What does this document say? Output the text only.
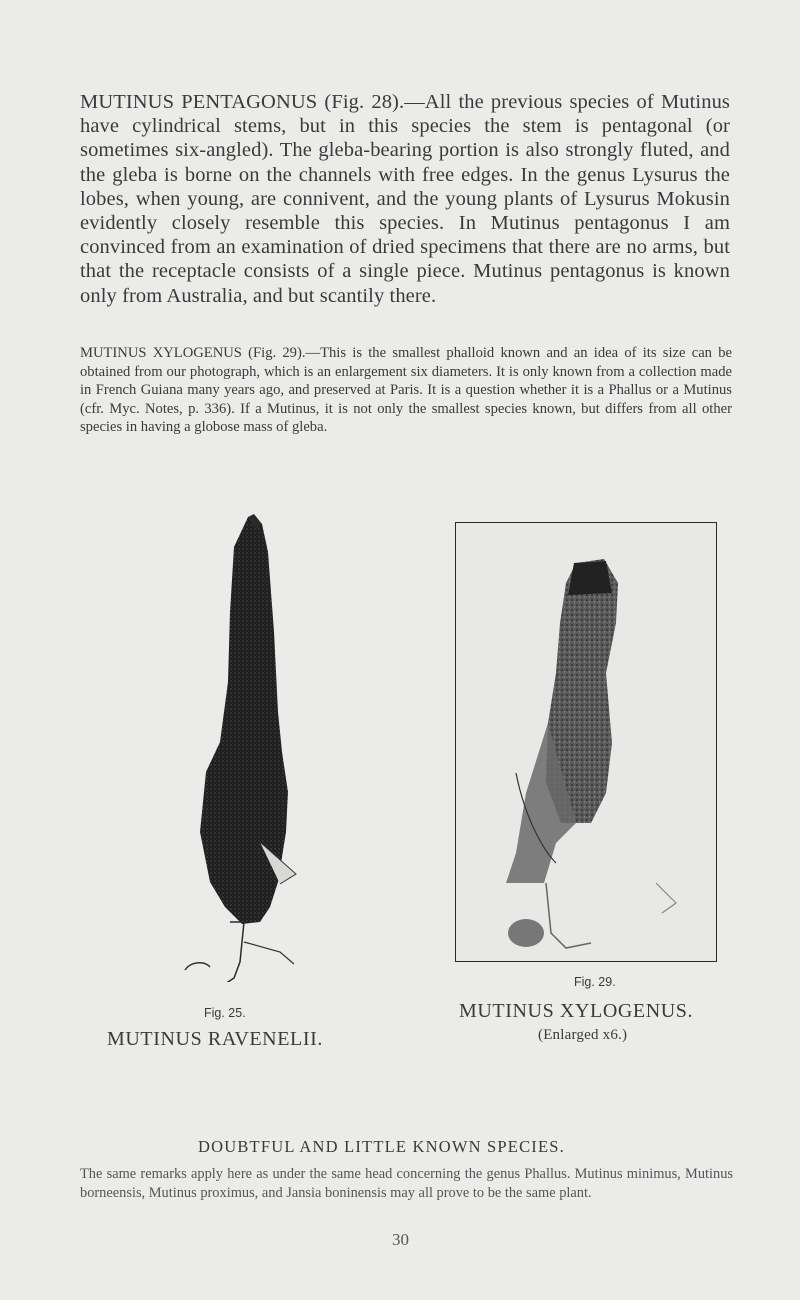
MUTINUS PENTAGONUS (Fig. 28).—All the previous species of Mutinus have cylindrical stems, but in this species the stem is pentagonal (or sometimes six-angled). The gleba-bearing portion is also strongly fluted, and the gleba is borne on the channels with free edges. In the genus Lysurus the lobes, when young, are connivent, and the young plants of Lysurus Mokusin evidently closely resemble this species. In Mutinus pentagonus I am convinced from an examination of dried specimens that there are no arms, but that the receptacle consists of a single piece. Mutinus pentagonus is known only from Australia, and but scantily there.
MUTINUS XYLOGENUS (Fig. 29).—This is the smallest phalloid known and an idea of its size can be obtained from our photograph, which is an enlargement six diameters. It is only known from a collection made in French Guiana many years ago, and preserved at Paris. It is a question whether it is a Phallus or a Mutinus (cfr. Myc. Notes, p. 336). If a Mutinus, it is not only the smallest species known, but differs from all other species in having a globose mass of gleba.
Fig. 25.
MUTINUS RAVENELII.
Fig. 29.
MUTINUS XYLOGENUS.
(Enlarged x6.)
DOUBTFUL AND LITTLE KNOWN SPECIES.
The same remarks apply here as under the same head concerning the genus Phallus. Mutinus minimus, Mutinus borneensis, Mutinus proximus, and Jansia boninensis may all prove to be the same plant.
30
